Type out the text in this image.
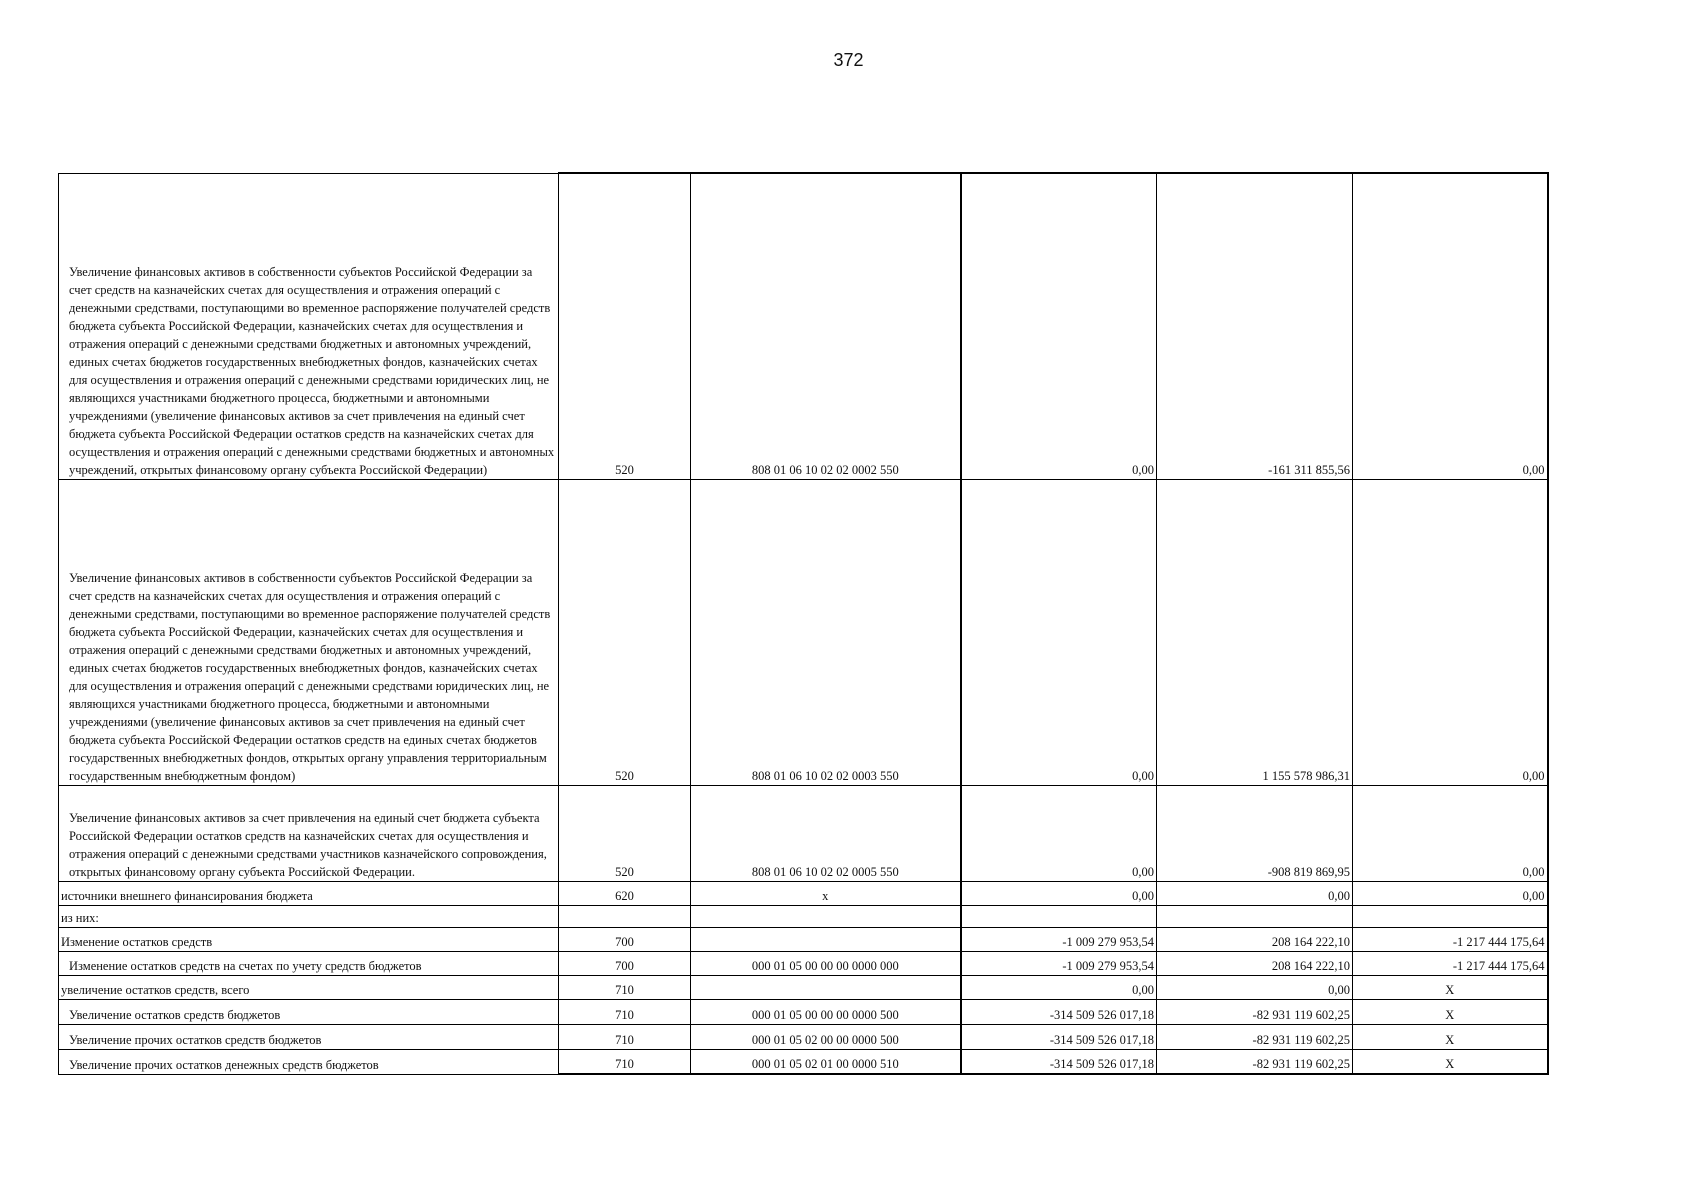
372
Увеличение финансовых активов в собственности субъектов Российской Федерации за счет средств на казначейских счетах для осуществления и отражения операций с денежными средствами, поступающими во временное распоряжение получателей средств бюджета субъекта Российской Федерации, казначейских счетах для осуществления и отражения операций с денежными средствами бюджетных и автономных учреждений, единых счетах бюджетов государственных внебюджетных фондов, казначейских счетах для осуществления и отражения операций с денежными средствами юридических лиц, не являющихся участниками бюджетного процесса, бюджетными и автономными учреждениями (увеличение финансовых активов за счет привлечения на единый счет бюджета субъекта Российской Федерации остатков средств на казначейских счетах для осуществления и отражения операций с денежными средствами бюджетных и автономных учреждений, открытых финансовому органу субъекта Российской Федерации)	520	808 01 06 10 02 02 0002 550	0,00	-161 311 855,56	0,00
Увеличение финансовых активов в собственности субъектов Российской Федерации за счет средств на казначейских счетах для осуществления и отражения операций с денежными средствами, поступающими во временное распоряжение получателей средств бюджета субъекта Российской Федерации, казначейских счетах для осуществления и отражения операций с денежными средствами бюджетных и автономных учреждений, единых счетах бюджетов государственных внебюджетных фондов, казначейских счетах для осуществления и отражения операций с денежными средствами юридических лиц, не являющихся участниками бюджетного процесса, бюджетными и автономными учреждениями (увеличение финансовых активов за счет привлечения на единый счет бюджета субъекта Российской Федерации остатков средств на единых счетах бюджетов государственных внебюджетных фондов, открытых органу управления территориальным государственным внебюджетным фондом)	520	808 01 06 10 02 02 0003 550	0,00	1 155 578 986,31	0,00
Увеличение финансовых активов за счет привлечения на единый счет бюджета субъекта Российской Федерации остатков средств на казначейских счетах для осуществления и отражения операций с денежными средствами участников казначейского сопровождения, открытых финансовому органу субъекта Российской Федерации.	520	808 01 06 10 02 02 0005 550	0,00	-908 819 869,95	0,00
источники внешнего финансирования бюджета	620	x	0,00	0,00	0,00
из них:					
Изменение остатков средств	700		-1 009 279 953,54	208 164 222,10	-1 217 444 175,64
Изменение остатков средств на счетах по учету средств бюджетов	700	000 01 05 00 00 00 0000 000	-1 009 279 953,54	208 164 222,10	-1 217 444 175,64
увеличение остатков средств, всего	710		0,00	0,00	X
Увеличение остатков средств бюджетов	710	000 01 05 00 00 00 0000 500	-314 509 526 017,18	-82 931 119 602,25	X
Увеличение прочих остатков средств бюджетов	710	000 01 05 02 00 00 0000 500	-314 509 526 017,18	-82 931 119 602,25	X
Увеличение прочих остатков денежных средств бюджетов	710	000 01 05 02 01 00 0000 510	-314 509 526 017,18	-82 931 119 602,25	X
